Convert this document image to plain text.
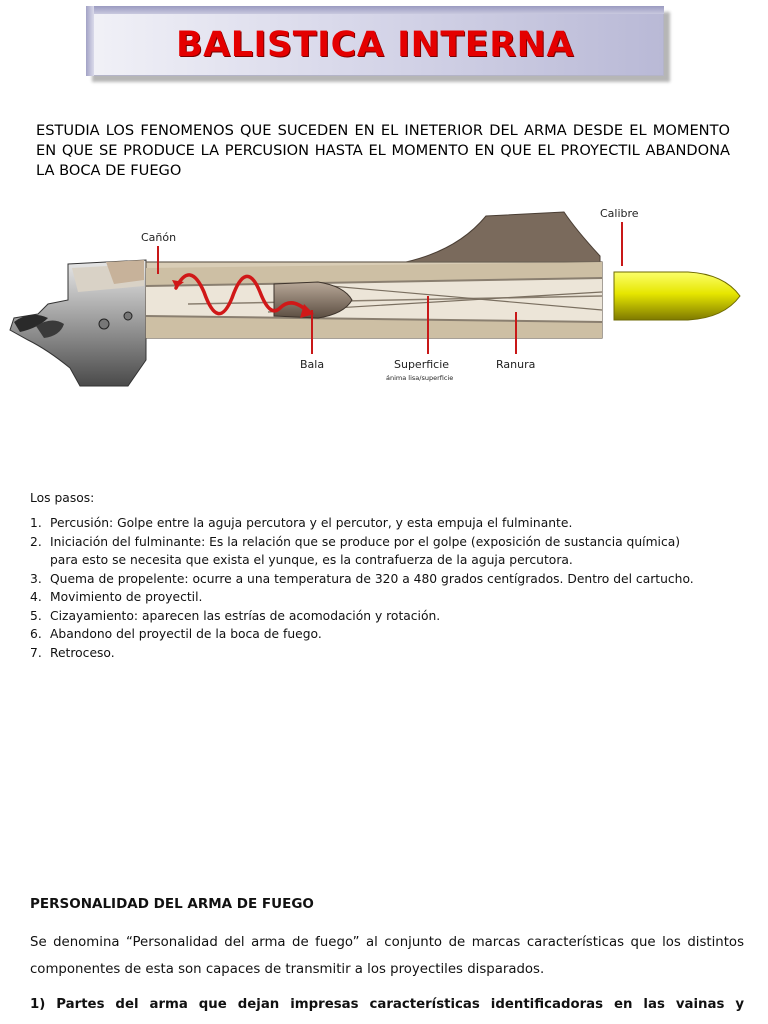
BALISTICA INTERNA
ESTUDIA LOS FENOMENOS QUE SUCEDEN EN EL INETERIOR DEL ARMA DESDE EL MOMENTO EN QUE SE PRODUCE LA PERCUSION HASTA EL MOMENTO EN QUE EL PROYECTIL ABANDONA LA BOCA DE FUEGO
Cañón
Calibre
Bala	Superficie
ánima lisa/superficie
Ranura

Los pasos:

1. Percusión: Golpe entre la aguja percutora y el percutor, y esta empuja el fulminante.
2. Iniciación del fulminante: Es la relación que se produce por el golpe (exposición de sustancia química) para esto se necesita que exista el yunque, es la contrafuerza de la aguja percutora.
3. Quema de propelente: ocurre a una temperatura de 320 a 480 grados centígrados. Dentro del cartucho.
4. Movimiento de proyectil.
5. Cizayamiento: aparecen las estrías de acomodación y rotación.
6. Abandono del proyectil de la boca de fuego.
7. Retroceso.
PERSONALIDAD DEL ARMA DE FUEGO
Se denomina “Personalidad del arma de fuego” al conjunto de marcas características que los distintos componentes de esta son capaces de transmitir a los proyectiles disparados.
1) Partes del arma que dejan impresas características identificadoras en las vainas y
